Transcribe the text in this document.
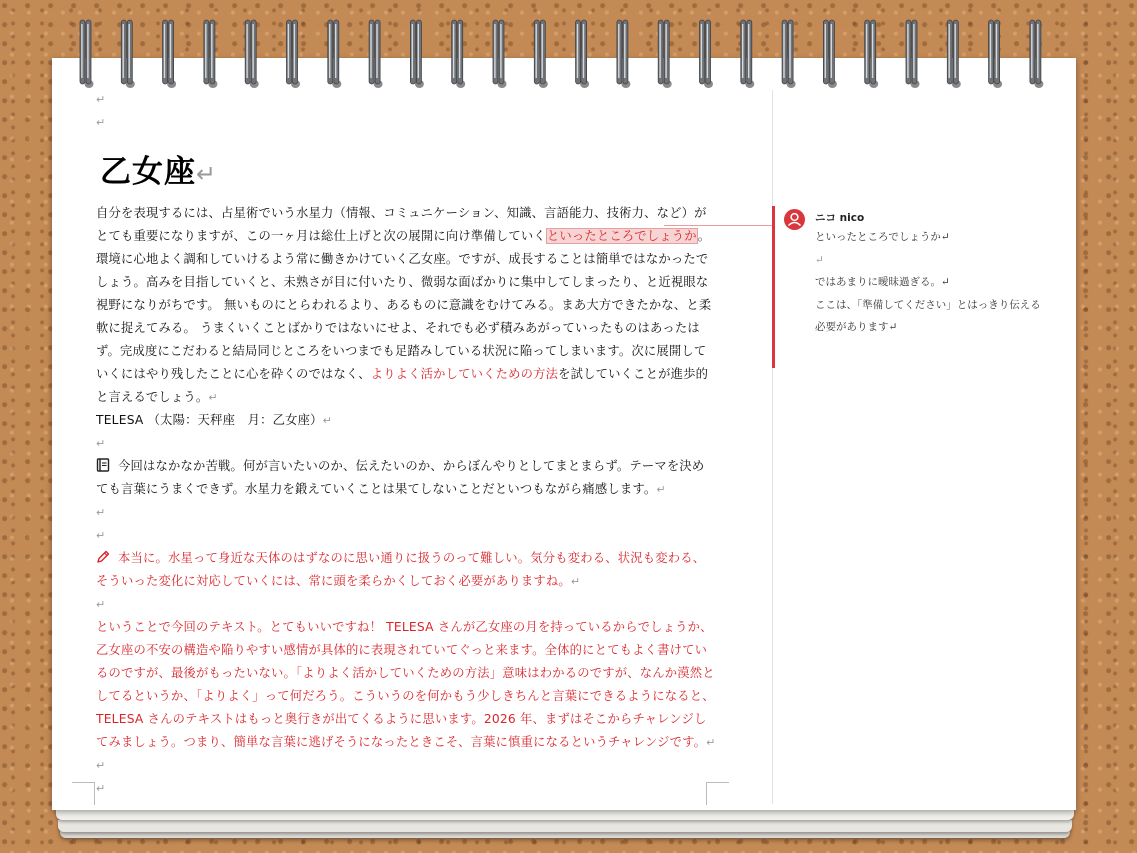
↵
↵
乙女座↵

自分を表現するには、占星術でいう水星力（情報、コミュニケーション、知識、言語能力、技術力、など）がとても重要になりますが、この一ヶ月は総仕上げと次の展開に向け準備していくといったところでしょうか。 環境に心地よく調和していけるよう常に働きかけていく乙女座。ですが、成長することは簡単ではなかったでしょう。高みを目指していくと、未熟さが目に付いたり、微弱な面ばかりに集中してしまったり、と近視眼な視野になりがちです。 無いものにとらわれるより、あるものに意識をむけてみる。まあ大方できたかな、と柔軟に捉えてみる。 うまくいくことばかりではないにせよ、それでも必ず積みあがっていったものはあったはず。完成度にこだわると結局同じところをいつまでも足踏みしている状況に陥ってしまいます。次に展開していくにはやり残したことに心を砕くのではなく、よりよく活かしていくための方法を試していくことが進歩的と言えるでしょう。↵

TELESA （太陽：天秤座　月：乙女座）↵

↵

今回はなかなか苦戦。何が言いたいのか、伝えたいのか、からぼんやりとしてまとまらず。テーマを決めても言葉にうまくできず。水星力を鍛えていくことは果てしないことだといつもながら痛感します。↵

↵
↵

本当に。水星って身近な天体のはずなのに思い通りに扱うのって難しい。気分も変わる、状況も変わる、そういった変化に対応していくには、常に頭を柔らかくしておく必要がありますね。↵

↵

ということで今回のテキスト。とてもいいですね！ TELESA さんが乙女座の月を持っているからでしょうか、乙女座の不安の構造や陥りやすい感情が具体的に表現されていてぐっと来ます。全体的にとてもよく書けているのですが、最後がもったいない。「よりよく活かしていくための方法」意味はわかるのですが、なんか漠然としてるというか、「よりよく」って何だろう。こういうのを何かもう少しきちんと言葉にできるようになると、TELESA さんのテキストはもっと奥行きが出てくるように思います。2026 年、まずはそこからチャレンジしてみましょう。つまり、簡単な言葉に逃げそうになったときこそ、言葉に慎重になるというチャレンジです。↵

↵
↵
ニコ nico
といったところでしょうか↵
↵
ではあまりに曖昧過ぎる。↵
ここは、「準備してください」とはっきり伝える
必要があります↵
